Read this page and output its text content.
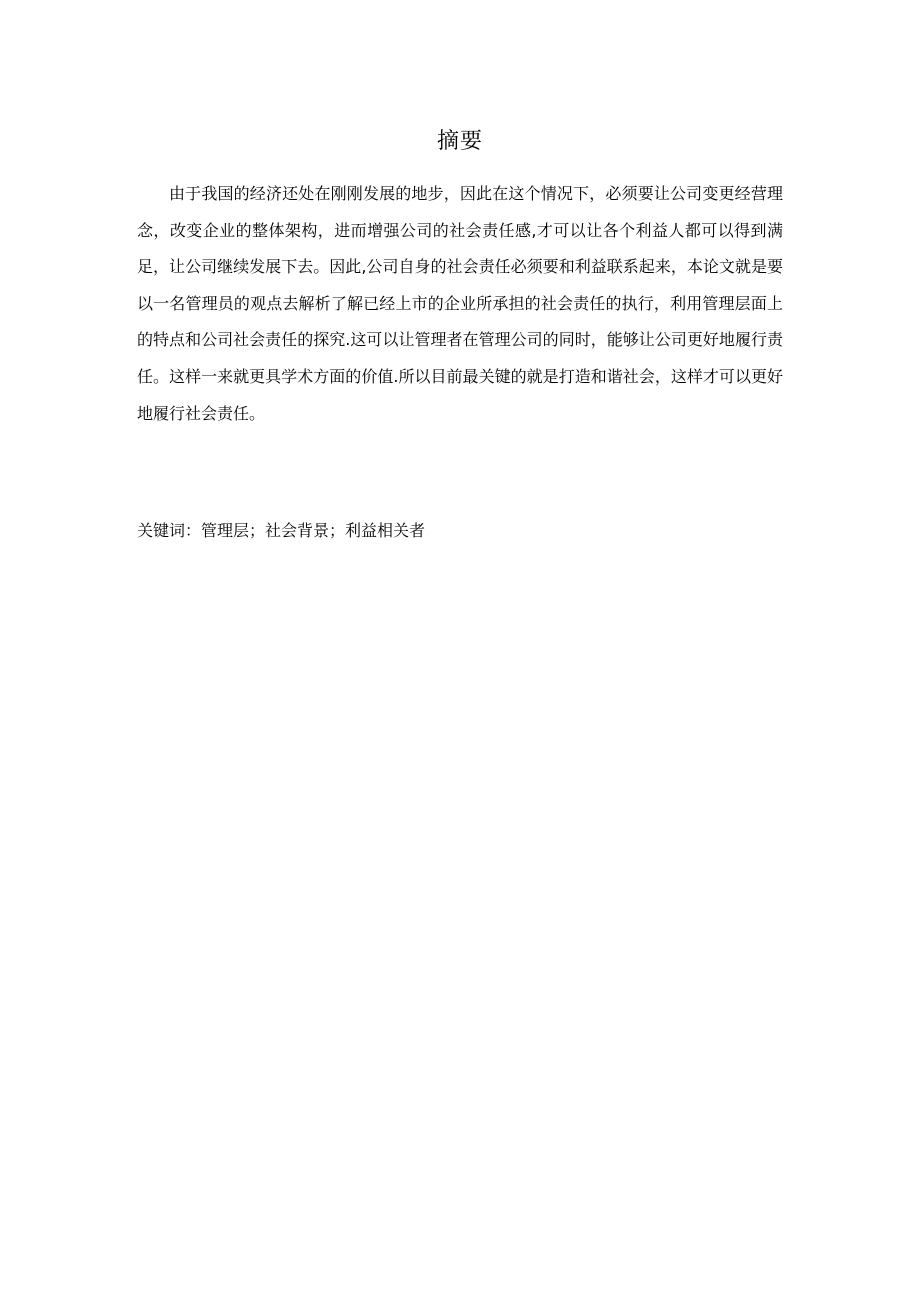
摘要

由于我国的经济还处在刚刚发展的地步，因此在这个情况下，必须要让公司变更经营理念，改变企业的整体架构，进而增强公司的社会责任感,才可以让各个利益人都可以得到满足，让公司继续发展下去。因此,公司自身的社会责任必须要和利益联系起来，本论文就是要以一名管理员的观点去解析了解已经上市的企业所承担的社会责任的执行，利用管理层面上的特点和公司社会责任的探究.这可以让管理者在管理公司的同时，能够让公司更好地履行责任。这样一来就更具学术方面的价值.所以目前最关键的就是打造和谐社会，这样才可以更好地履行社会责任。

关键词：管理层；社会背景；利益相关者
